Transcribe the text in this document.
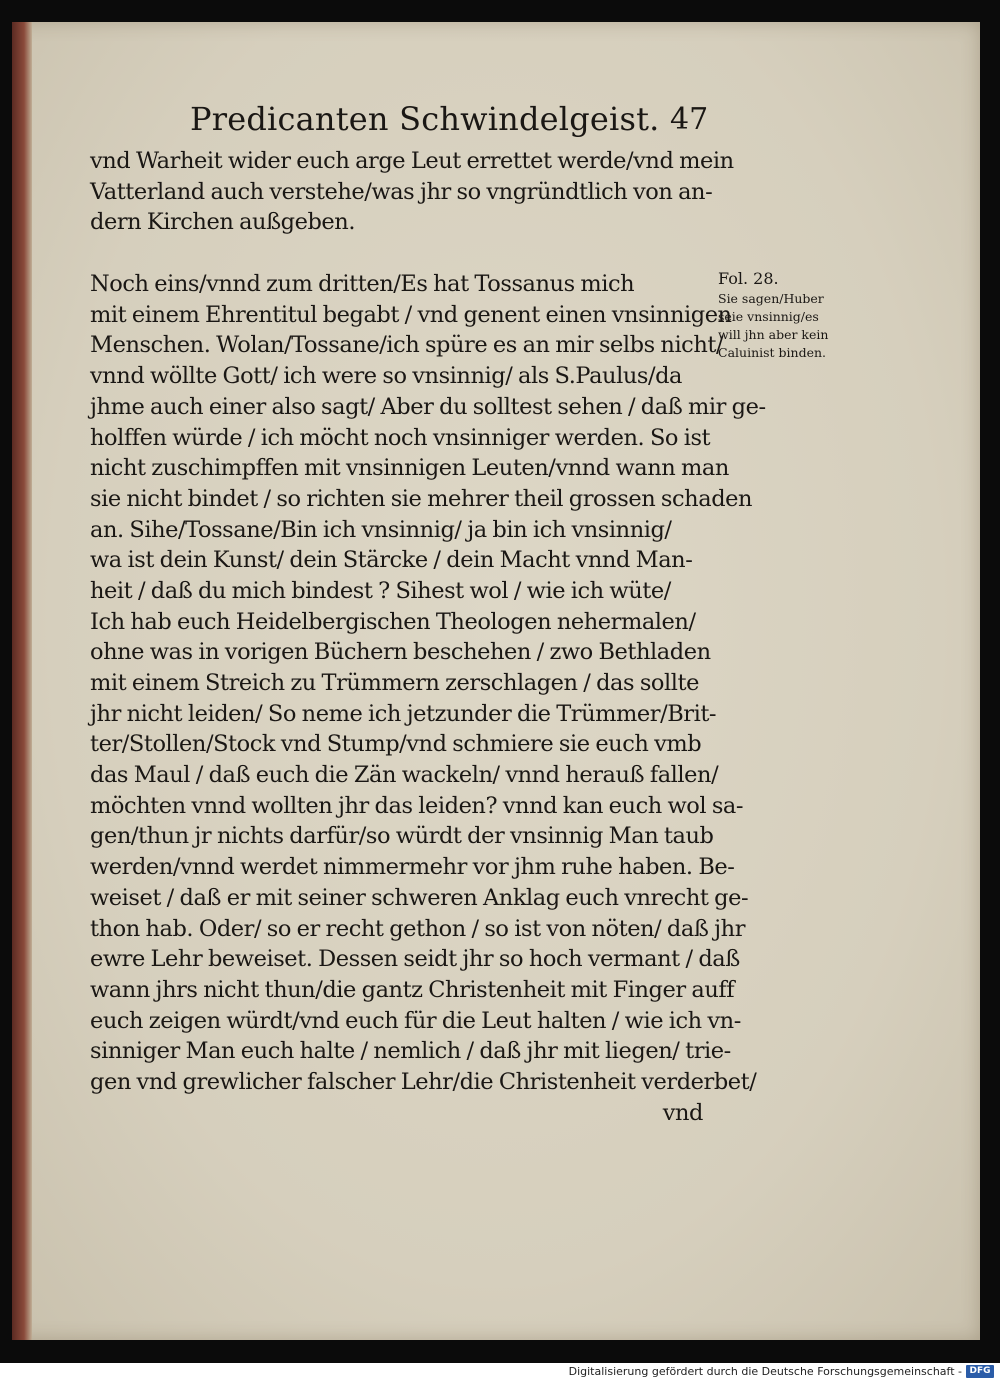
Predicanten Schwindelgeist. 47
vnd Warheit wider euch arge Leut errettet werde/vnd mein
Vatterland auch verstehe/was jhr so vngründtlich von an-
dern Kirchen außgeben.
Noch eins/vnnd zum dritten/Es hat Tossanus mich
mit einem Ehrentitul begabt / vnd genent einen vnsinnigen
Menschen. Wolan/Tossane/ich spüre es an mir selbs nicht/
vnnd wöllte Gott/ ich were so vnsinnig/ als S.Paulus/da
jhme auch einer also sagt/ Aber du solltest sehen / daß mir ge-
holffen würde / ich möcht noch vnsinniger werden. So ist
nicht zuschimpffen mit vnsinnigen Leuten/vnnd wann man
sie nicht bindet / so richten sie mehrer theil grossen schaden
an. Sihe/Tossane/Bin ich vnsinnig/ ja bin ich vnsinnig/
wa ist dein Kunst/ dein Stärcke / dein Macht vnnd Man-
heit / daß du mich bindest ? Sihest wol / wie ich wüte/
Ich hab euch Heidelbergischen Theologen nehermalen/
ohne was in vorigen Büchern beschehen / zwo Bethladen
mit einem Streich zu Trümmern zerschlagen / das sollte
jhr nicht leiden/ So neme ich jetzunder die Trümmer/Brit-
ter/Stollen/Stock vnd Stump/vnd schmiere sie euch vmb
das Maul / daß euch die Zän wackeln/ vnnd herauß fallen/
möchten vnnd wollten jhr das leiden? vnnd kan euch wol sa-
gen/thun jr nichts darfür/so würdt der vnsinnig Man taub
werden/vnnd werdet nimmermehr vor jhm ruhe haben. Be-
weiset / daß er mit seiner schweren Anklag euch vnrecht ge-
thon hab. Oder/ so er recht gethon / so ist von nöten/ daß jhr
ewre Lehr beweiset. Dessen seidt jhr so hoch vermant / daß
wann jhrs nicht thun/die gantz Christenheit mit Finger auff
euch zeigen würdt/vnd euch für die Leut halten / wie ich vn-
sinniger Man euch halte / nemlich / daß jhr mit liegen/ trie-
gen vnd grewlicher falscher Lehr/die Christenheit verderbet/
vnd
Fol. 28.
Sie sagen/Huber
seie vnsinnig/es
will jhn aber kein
Caluinist binden.
Digitalisierung gefördert durch die Deutsche Forschungsgemeinschaft - DFG
